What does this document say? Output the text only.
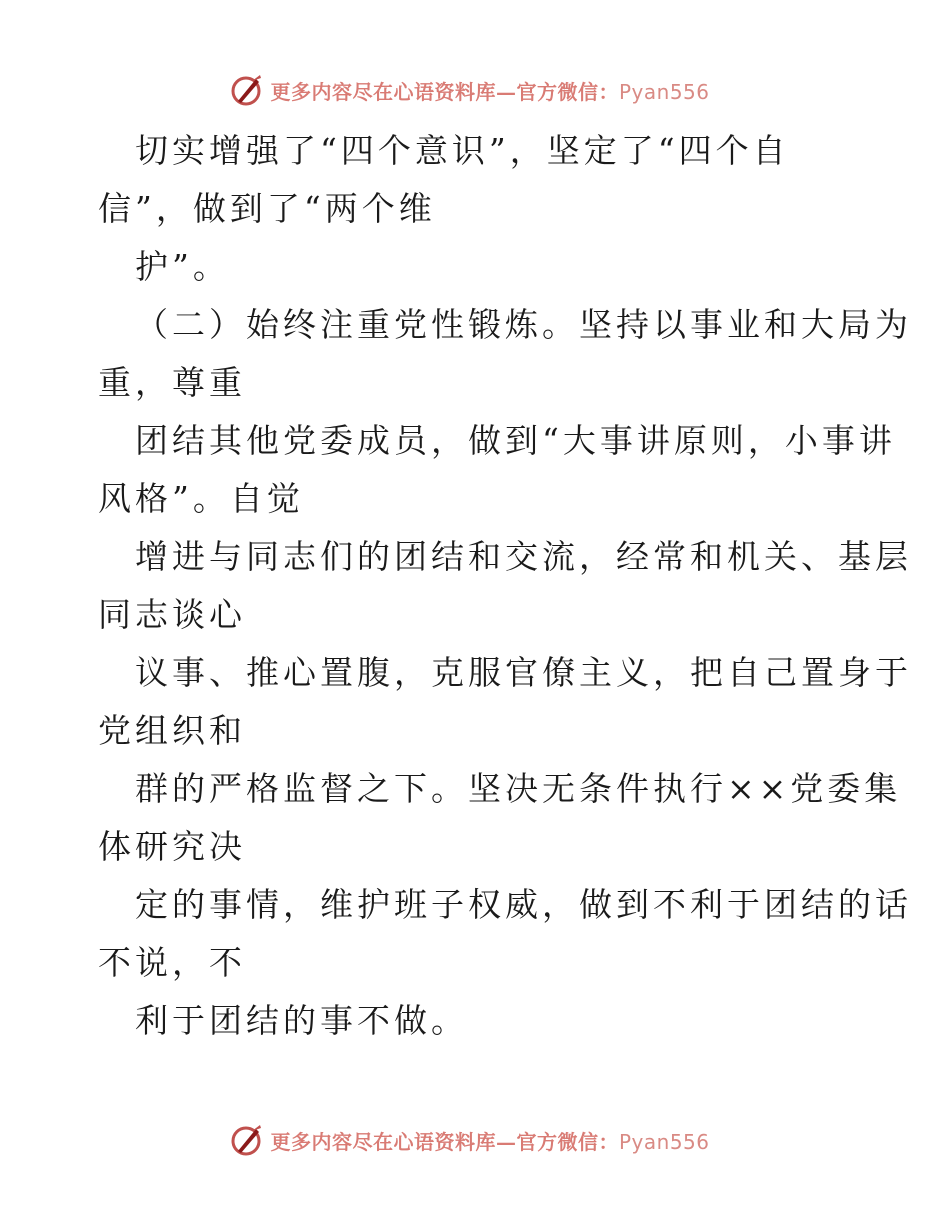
更多内容尽在心语资料库—官方微信：Pyan556
切实增强了“四个意识”，坚定了“四个自
信”，做到了“两个维
护”。
（二）始终注重党性锻炼。坚持以事业和大局为
重，尊重
团结其他党委成员，做到“大事讲原则，小事讲
风格”。自觉
增进与同志们的团结和交流，经常和机关、基层
同志谈心
议事、推心置腹，克服官僚主义，把自己置身于
党组织和
群的严格监督之下。坚决无条件执行××党委集
体研究决
定的事情，维护班子权威，做到不利于团结的话
不说，不
利于团结的事不做。
更多内容尽在心语资料库—官方微信：Pyan556
